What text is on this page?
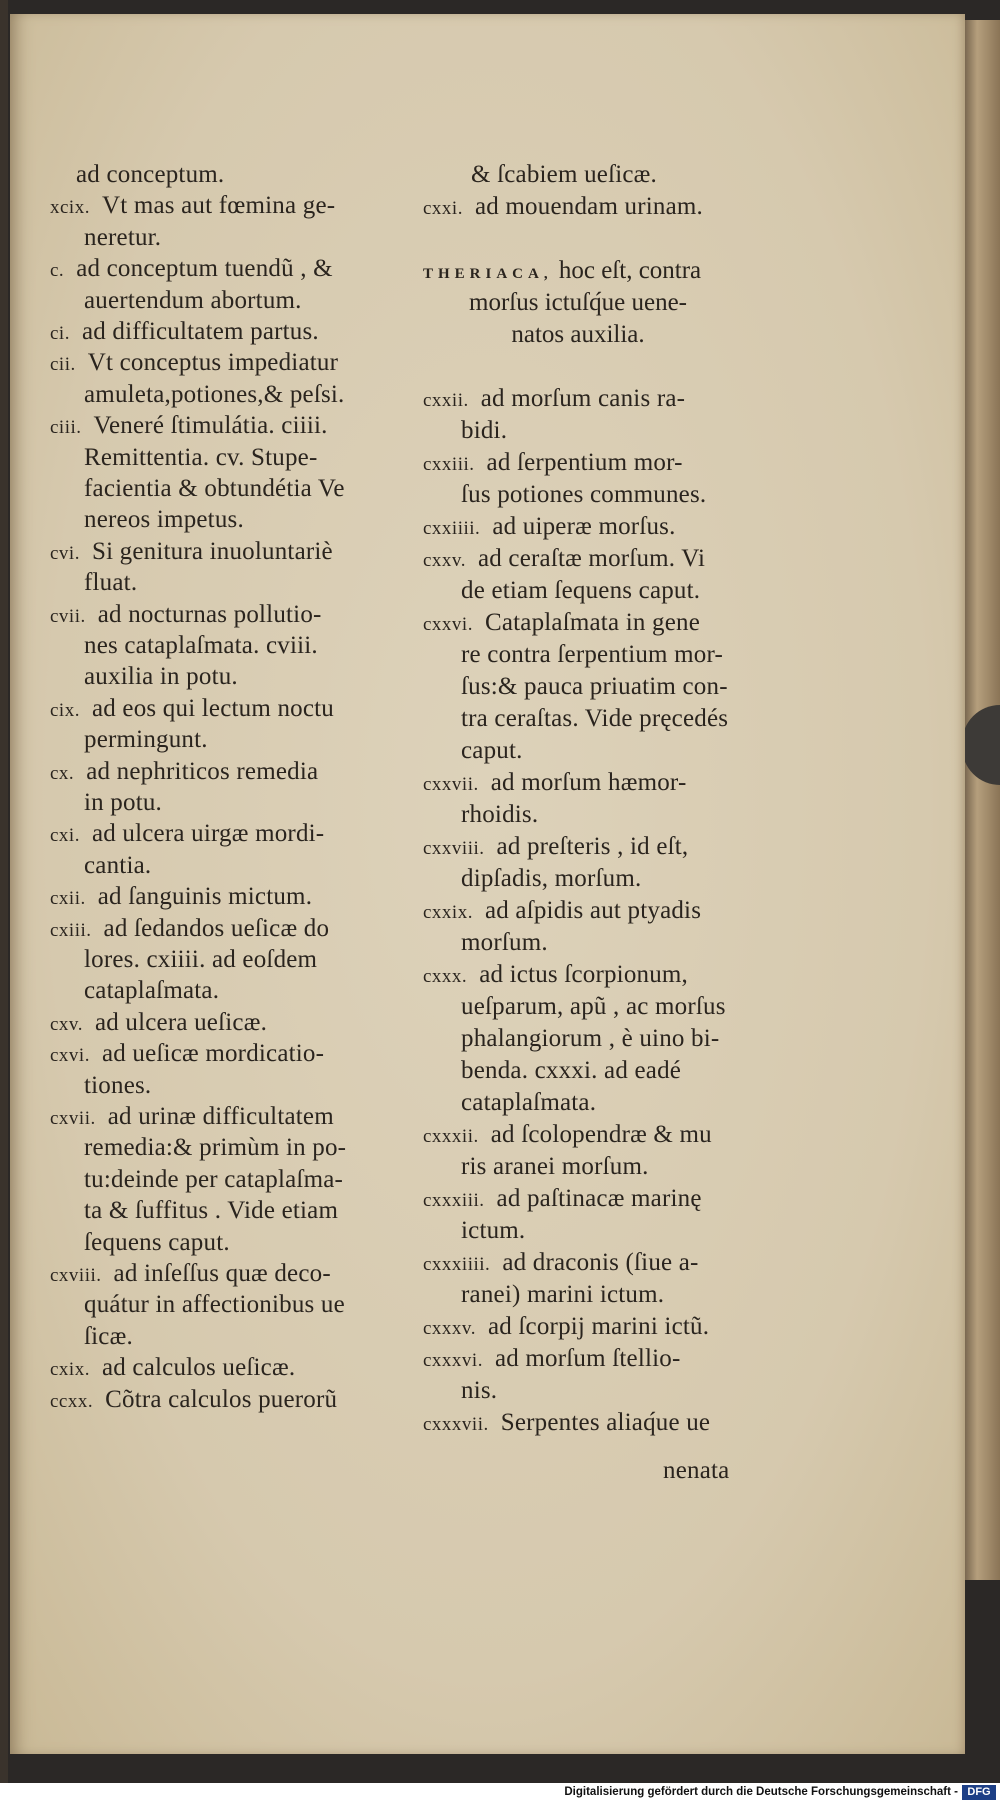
ad conceptum.
xcix. Vt mas aut fœmina ge-
neretur.
c. ad conceptum tuendũ , &
auertendum abortum.
ci. ad difficultatem partus.
cii. Vt conceptus impediatur
amuleta,potiones,& peſsi.
ciii. Veneré ſtimulátia. ciiii.
Remittentia. cv. Stupe-
facientia & obtundétia Ve
nereos impetus.
cvi. Si genitura inuoluntariè
fluat.
cvii. ad nocturnas pollutio-
nes cataplaſmata. cviii.
auxilia in potu.
cix. ad eos qui lectum noctu
permingunt.
cx. ad nephriticos remedia
in potu.
cxi. ad ulcera uirgæ mordi-
cantia.
cxii. ad ſanguinis mictum.
cxiii. ad ſedandos ueſicæ do
lores. cxiiii. ad eoſdem
cataplaſmata.
cxv. ad ulcera ueſicæ.
cxvi. ad ueſicæ mordicatio-
tiones.
cxvii. ad urinæ difficultatem
remedia:& primùm in po-
tu:deinde per cataplaſma-
ta & ſuffitus . Vide etiam
ſequens caput.
cxviii. ad inſeſſus quæ deco-
quátur in affectionibus ue
ſicæ.
cxix. ad calculos ueſicæ.
ccxx. Cõtra calculos puerorũ
& ſcabiem ueſicæ.
cxxi. ad mouendam urinam.
THERIACA, hoc eſt, contra
morſus ictuſq́ue uene-
natos auxilia.
cxxii. ad morſum canis ra-
bidi.
cxxiii. ad ſerpentium mor-
ſus potiones communes.
cxxiiii. ad uiperæ morſus.
cxxv. ad ceraſtæ morſum. Vi
de etiam ſequens caput.
cxxvi. Cataplaſmata in gene
re contra ſerpentium mor-
ſus:& pauca priuatim con-
tra ceraſtas. Vide pręcedés
caput.
cxxvii. ad morſum hæmor-
rhoidis.
cxxviii. ad preſteris , id eſt,
dipſadis, morſum.
cxxix. ad aſpidis aut ptyadis
morſum.
cxxx. ad ictus ſcorpionum,
ueſparum, apũ , ac morſus
phalangiorum , è uino bi-
benda. cxxxi. ad eadé
cataplaſmata.
cxxxii. ad ſcolopendræ & mu
ris aranei morſum.
cxxxiii. ad paſtinacæ marinę
ictum.
cxxxiiii. ad draconis (ſiue a-
ranei) marini ictum.
cxxxv. ad ſcorpij marini ictũ.
cxxxvi. ad morſum ſtellio-
nis.
cxxxvii. Serpentes aliaq́ue ue
nenata
Digitalisierung gefördert durch die Deutsche Forschungsgemeinschaft - DFG
